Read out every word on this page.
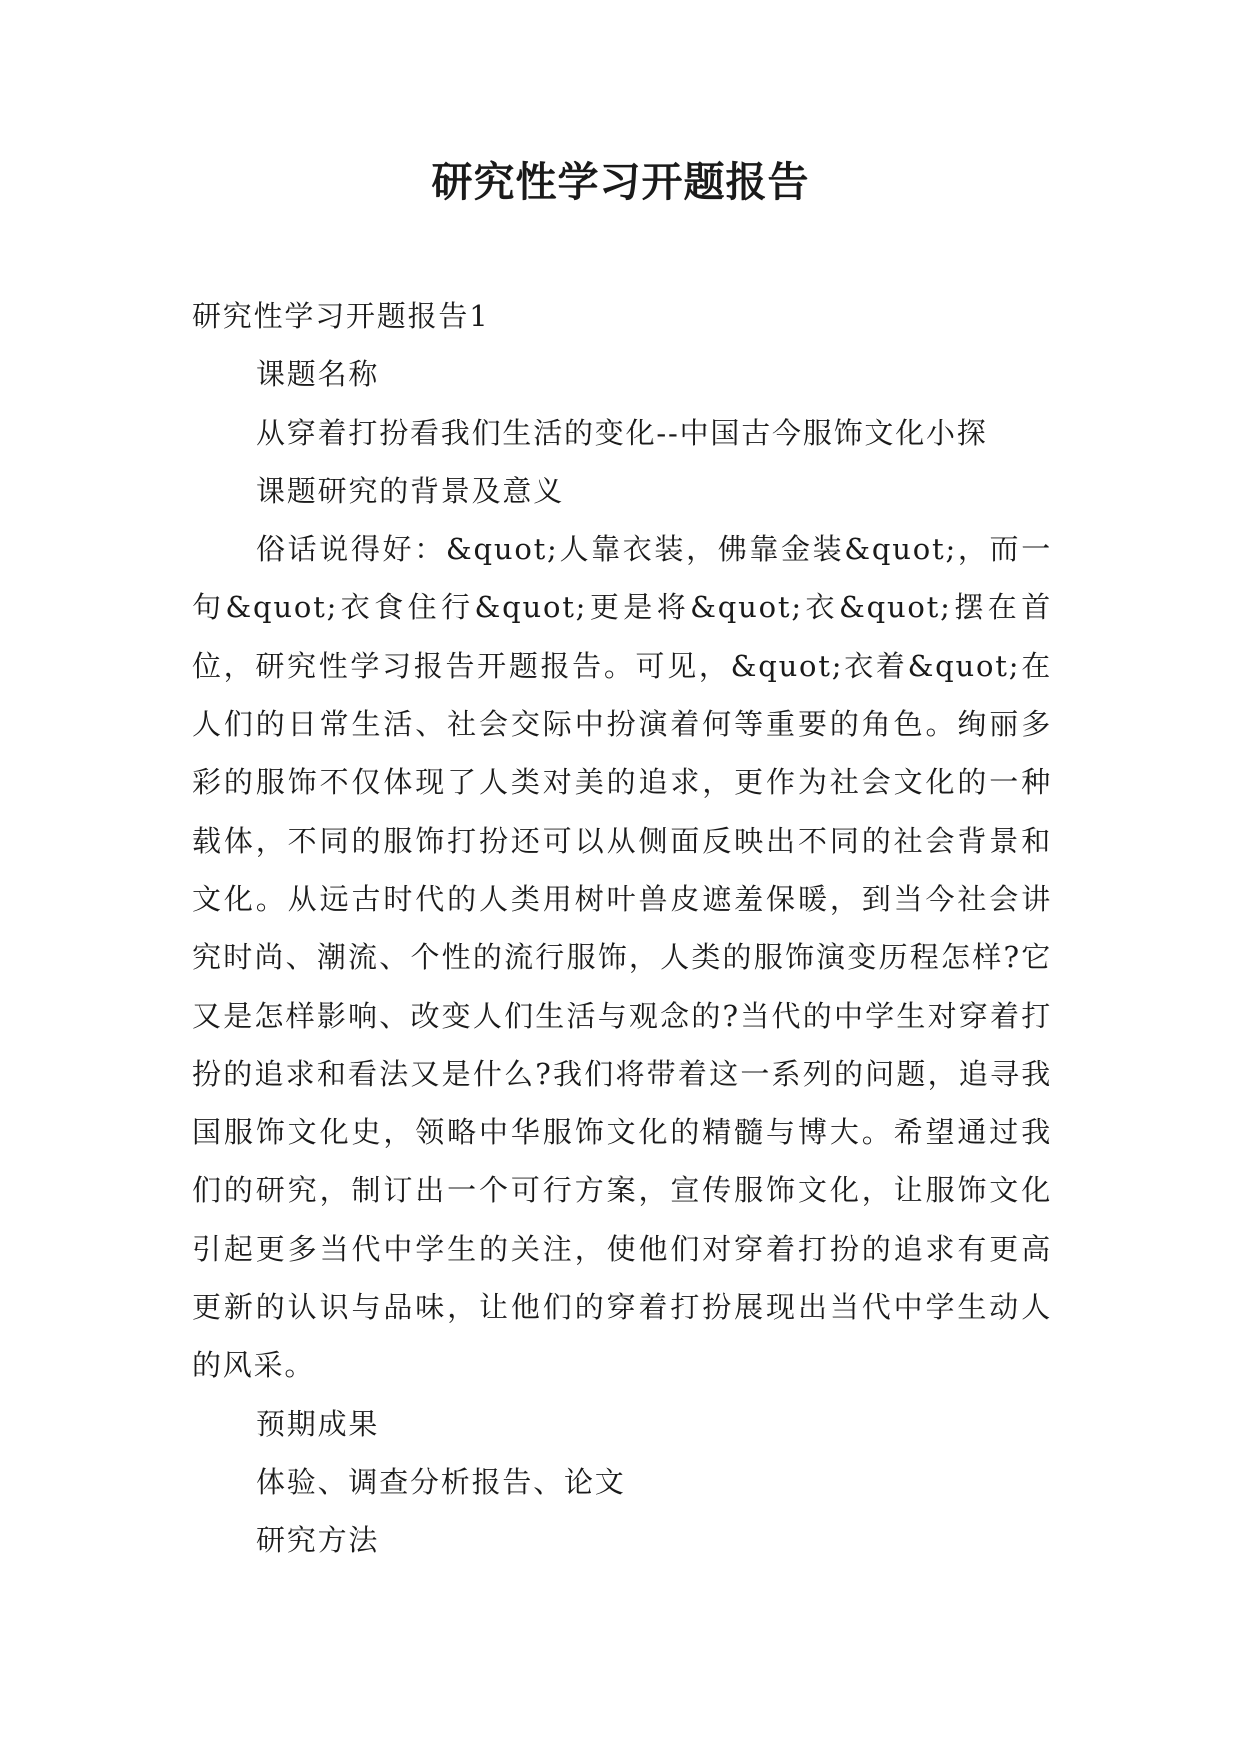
研究性学习开题报告

研究性学习开题报告1

课题名称

从穿着打扮看我们生活的变化--中国古今服饰文化小探

课题研究的背景及意义

俗话说得好：&quot;人靠衣装，佛靠金装&quot;，而一句&quot;衣食住行&quot;更是将&quot;衣&quot;摆在首位，研究性学习报告开题报告。可见，&quot;衣着&quot;在人们的日常生活、社会交际中扮演着何等重要的角色。绚丽多彩的服饰不仅体现了人类对美的追求，更作为社会文化的一种载体，不同的服饰打扮还可以从侧面反映出不同的社会背景和文化。从远古时代的人类用树叶兽皮遮羞保暖，到当今社会讲究时尚、潮流、个性的流行服饰，人类的服饰演变历程怎样?它又是怎样影响、改变人们生活与观念的?当代的中学生对穿着打扮的追求和看法又是什么?我们将带着这一系列的问题，追寻我国服饰文化史，领略中华服饰文化的精髓与博大。希望通过我们的研究，制订出一个可行方案，宣传服饰文化，让服饰文化引起更多当代中学生的关注，使他们对穿着打扮的追求有更高更新的认识与品味，让他们的穿着打扮展现出当代中学生动人的风采。

预期成果

体验、调查分析报告、论文

研究方法
